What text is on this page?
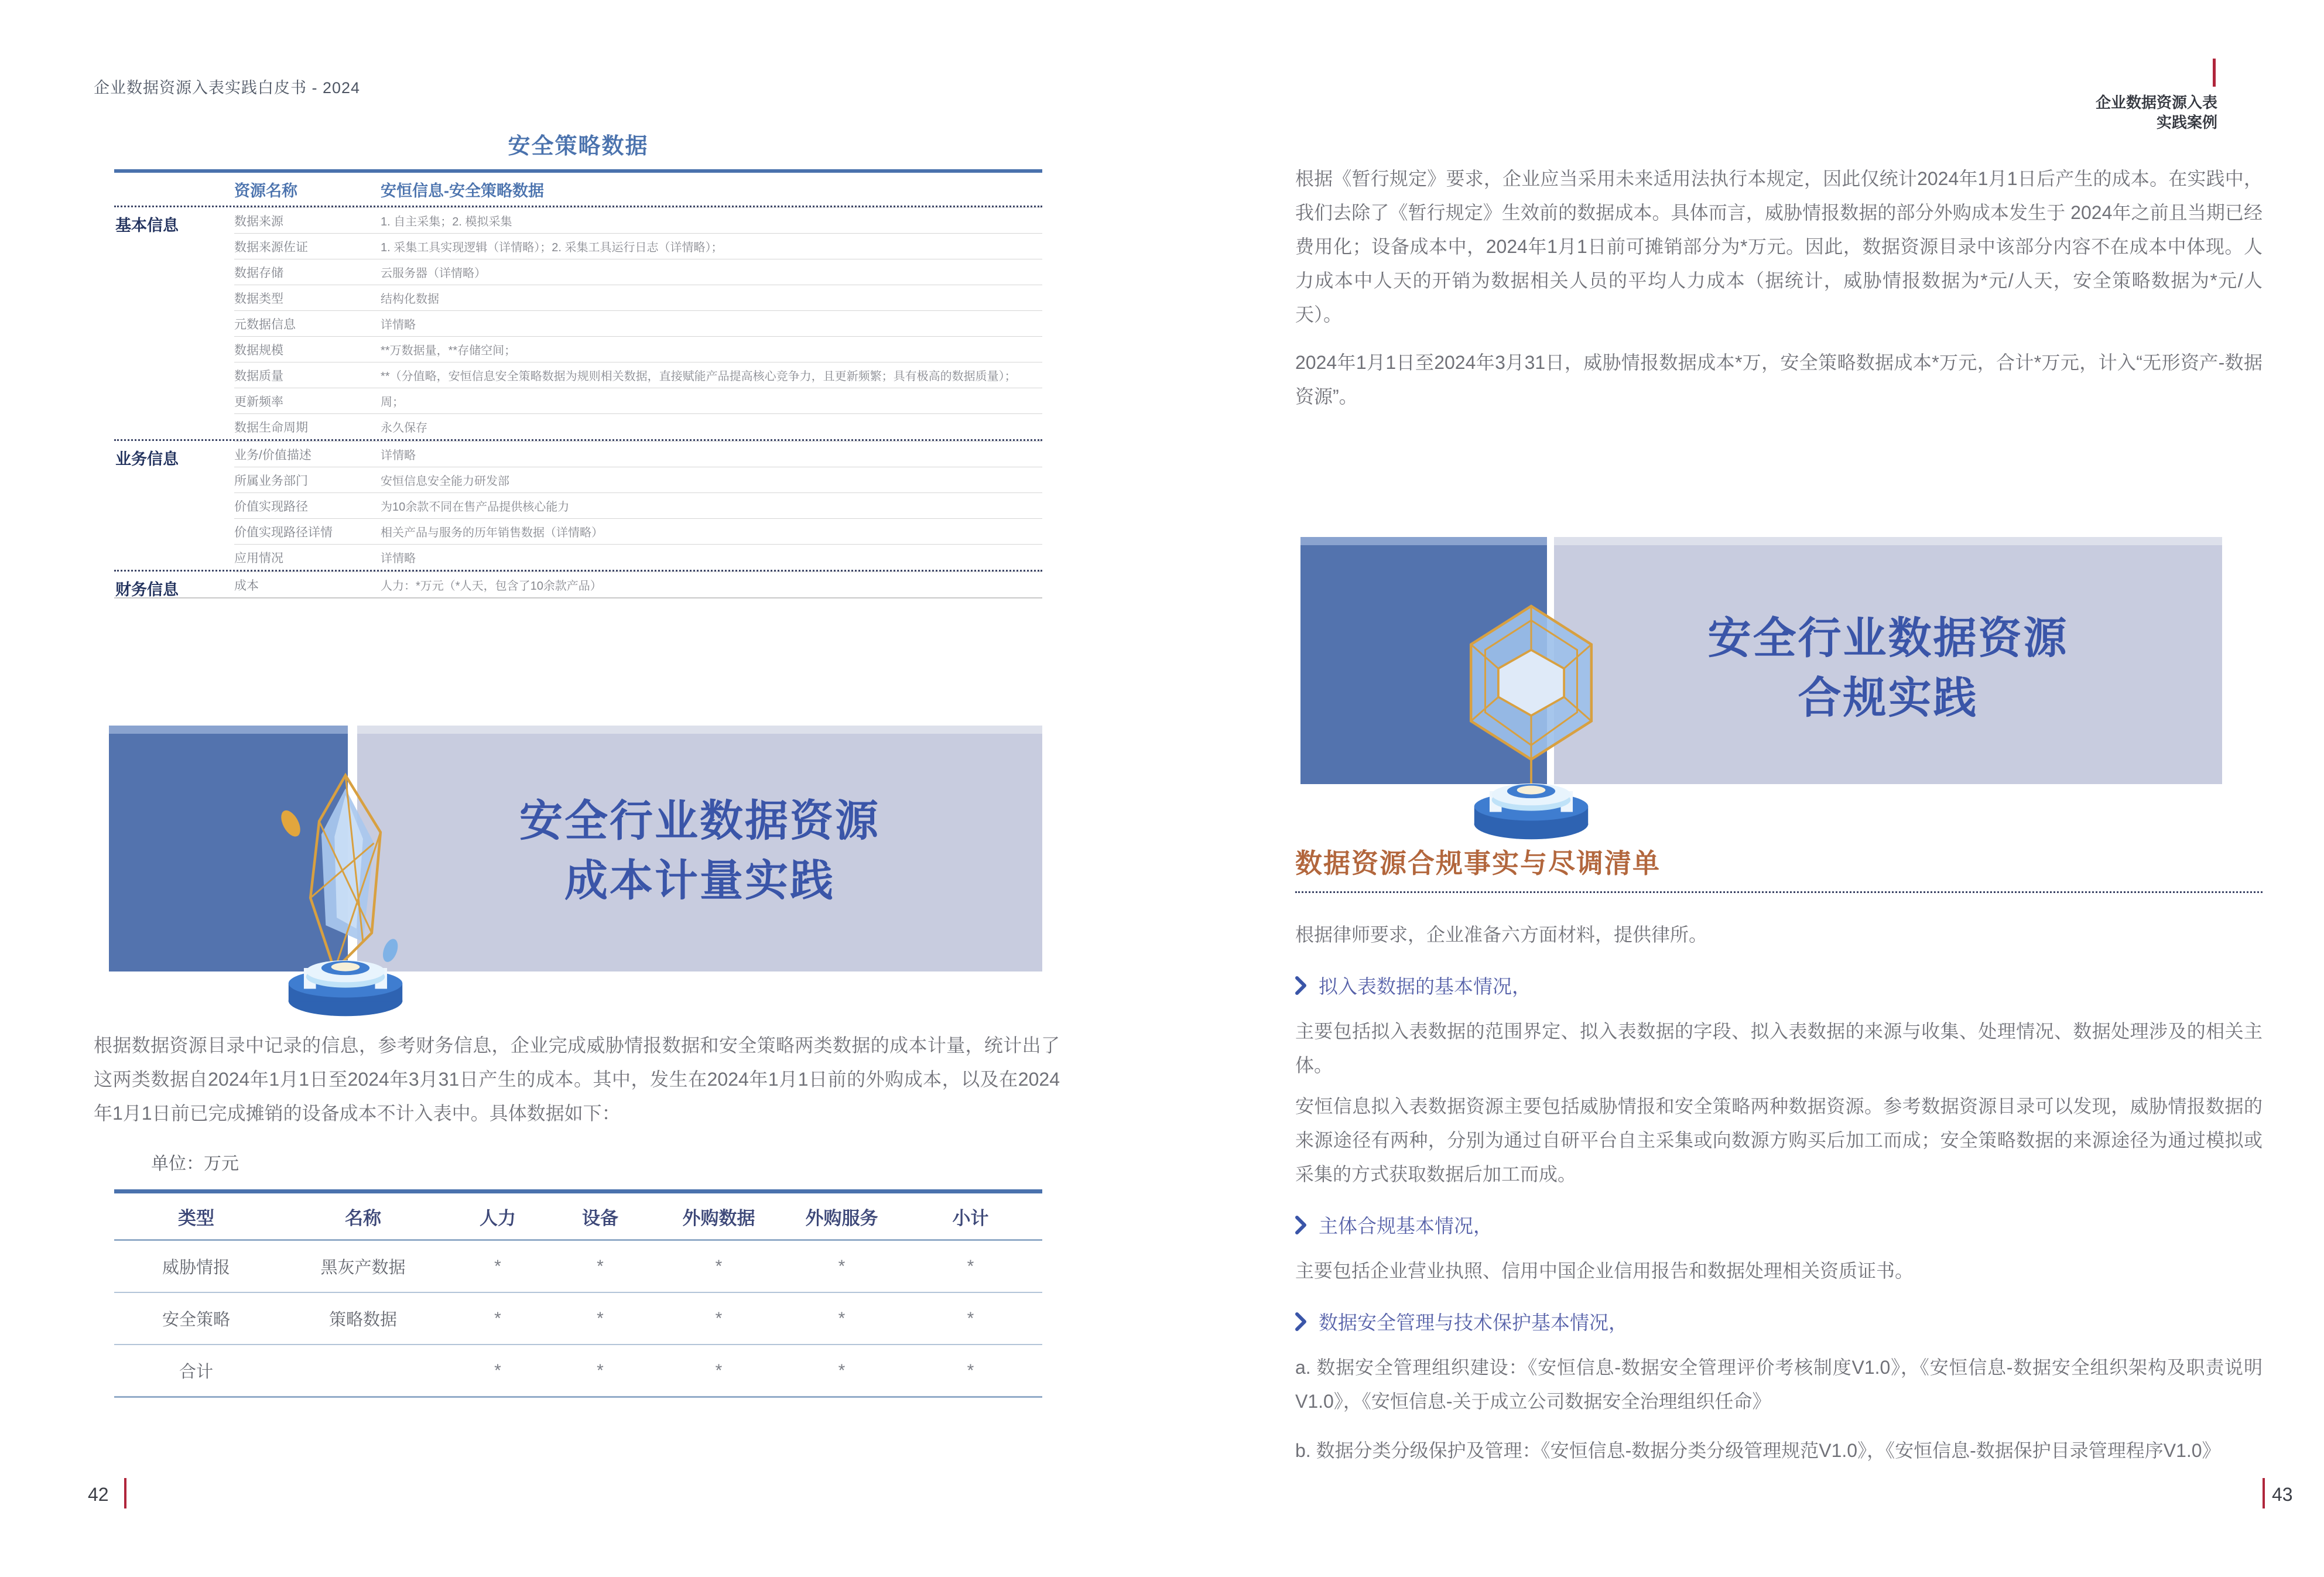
企业数据资源入表实践白皮书 - 2024
安全策略数据
资源名称	安恒信息-安全策略数据
基本信息	数据来源	1. 自主采集；2. 模拟采集
数据来源佐证	1. 采集工具实现逻辑（详情略）；2. 采集工具运行日志（详情略）；
数据存储	云服务器（详情略）
数据类型	结构化数据
元数据信息	详情略
数据规模	**万数据量，**存储空间；
数据质量	**（分值略，安恒信息安全策略数据为规则相关数据，直接赋能产品提高核心竞争力，且更新频繁；具有极高的数据质量）；
更新频率	周；
数据生命周期	永久保存
业务信息	业务/价值描述	详情略
所属业务部门	安恒信息安全能力研发部
价值实现路径	为10余款不同在售产品提供核心能力
价值实现路径详情	相关产品与服务的历年销售数据（详情略）
应用情况	详情略
财务信息	成本	人力：*万元（*人天，包含了10余款产品）
安全行业数据资源
成本计量实践

根据数据资源目录中记录的信息，参考财务信息，企业完成威胁情报数据和安全策略两类数据的成本计量，统计出了这两类数据自2024年1月1日至2024年3月31日产生的成本。其中，发生在2024年1月1日前的外购成本，以及在2024年1月1日前已完成摊销的设备成本不计入表中。具体数据如下：

单位：万元
类型	名称	人力	设备	外购数据	外购服务	小计
威胁情报	黑灰产数据	*	*	*	*	*
安全策略	策略数据	*	*	*	*	*
合计		*	*	*	*	*
42
企业数据资源入表
实践案例

根据《暂行规定》要求，企业应当采用未来适用法执行本规定，因此仅统计2024年1月1日后产生的成本。在实践中，我们去除了《暂行规定》生效前的数据成本。具体而言，威胁情报数据的部分外购成本发生于 2024年之前且当期已经费用化；设备成本中，2024年1月1日前可摊销部分为*万元。因此，数据资源目录中该部分内容不在成本中体现。人力成本中人天的开销为数据相关人员的平均人力成本（据统计，威胁情报数据为*元/人天，安全策略数据为*元/人天）。

2024年1月1日至2024年3月31日，威胁情报数据成本*万，安全策略数据成本*万元，合计*万元，计入“无形资产-数据资源”。

安全行业数据资源
合规实践
数据资源合规事实与尽调清单

根据律师要求，企业准备六方面材料，提供律所。

拟入表数据的基本情况，

主要包括拟入表数据的范围界定、拟入表数据的字段、拟入表数据的来源与收集、处理情况、数据处理涉及的相关主体。

安恒信息拟入表数据资源主要包括威胁情报和安全策略两种数据资源。参考数据资源目录可以发现，威胁情报数据的来源途径有两种，分别为通过自研平台自主采集或向数源方购买后加工而成；安全策略数据的来源途径为通过模拟或采集的方式获取数据后加工而成。

主体合规基本情况，

主要包括企业营业执照、信用中国企业信用报告和数据处理相关资质证书。

数据安全管理与技术保护基本情况，

a. 数据安全管理组织建设：《安恒信息-数据安全管理评价考核制度V1.0》，《安恒信息-数据安全组织架构及职责说明V1.0》，《安恒信息-关于成立公司数据安全治理组织任命》

b. 数据分类分级保护及管理：《安恒信息-数据分类分级管理规范V1.0》，《安恒信息-数据保护目录管理程序V1.0》

43
